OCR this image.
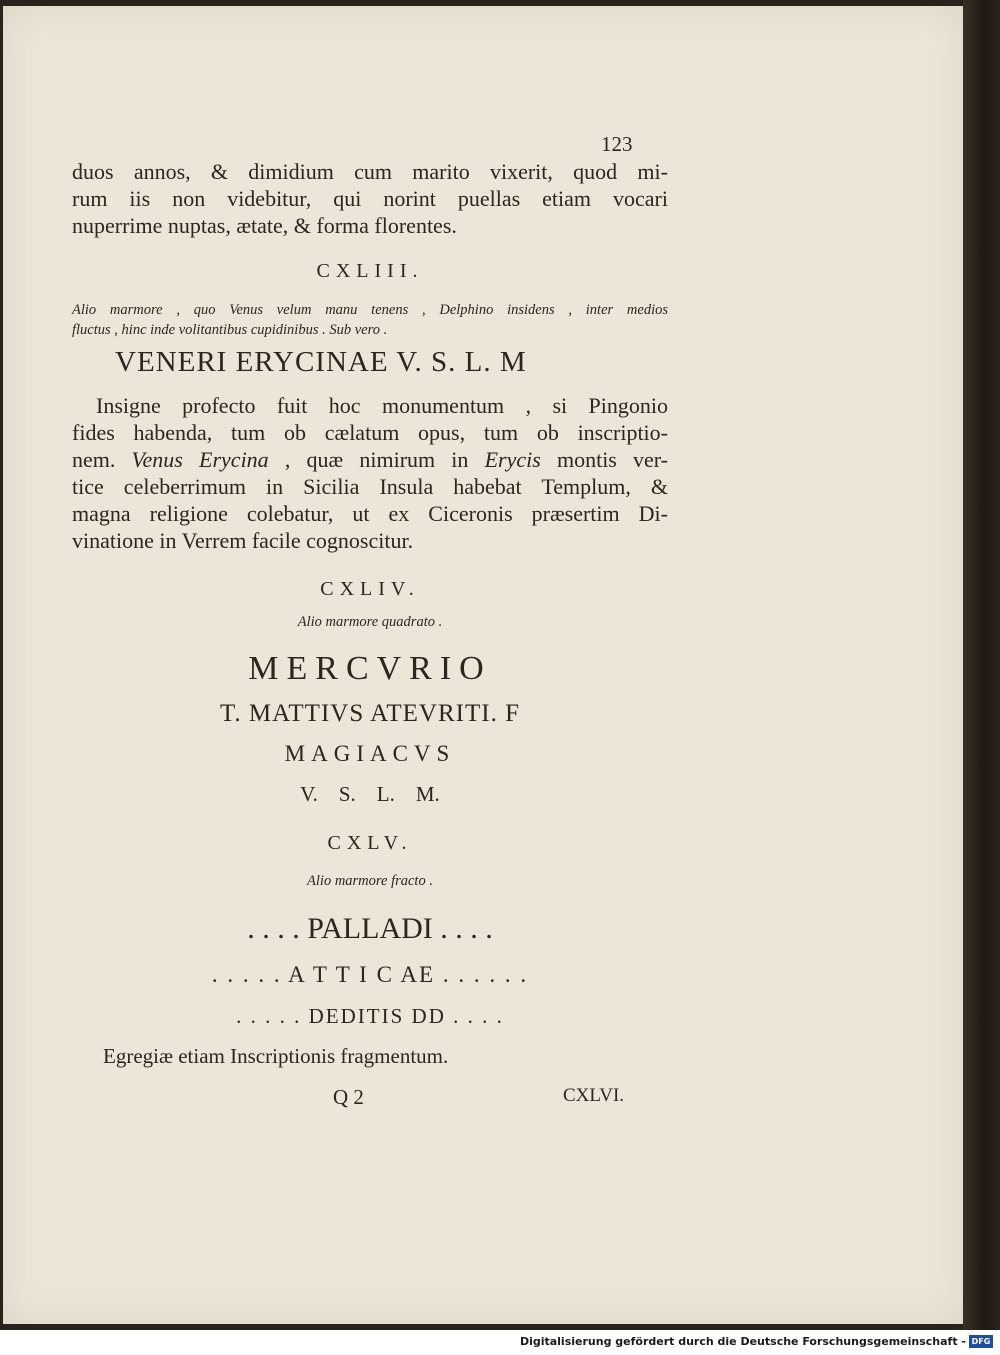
123
duos annos, & dimidium cum marito vixerit, quod mi-
rum iis non videbitur, qui norint puellas etiam vocari
nuperrime nuptas, ætate, & forma florentes.
CXLIII.
Alio marmore , quo Venus velum manu tenens , Delphino insidens , inter medios
fluctus , hinc inde volitantibus cupidinibus . Sub vero .
VENERI ERYCINAE V. S. L. M
Insigne profecto fuit hoc monumentum , si Pingonio
fides habenda, tum ob cælatum opus, tum ob inscriptio-
nem. Venus Erycina , quæ nimirum in Erycis montis ver-
tice celeberrimum in Sicilia Insula habebat Templum, &
magna religione colebatur, ut ex Ciceronis præsertim Di-
vinatione in Verrem facile cognoscitur.
CXLIV.
Alio marmore quadrato .
MERCVRIO
T. MATTIVS ATEVRITI. F
MAGIACVS
V.    S.    L.    M.
CXLV.
Alio marmore fracto .
. . . . PALLADI . . . .
. . . . . A T T I C AE . . . . . .
. . . . . DEDITIS DD . . . .
Egregiæ etiam Inscriptionis fragmentum.
Q 2	CXLVI.
Digitalisierung gefördert durch die Deutsche Forschungsgemeinschaft - DFG
